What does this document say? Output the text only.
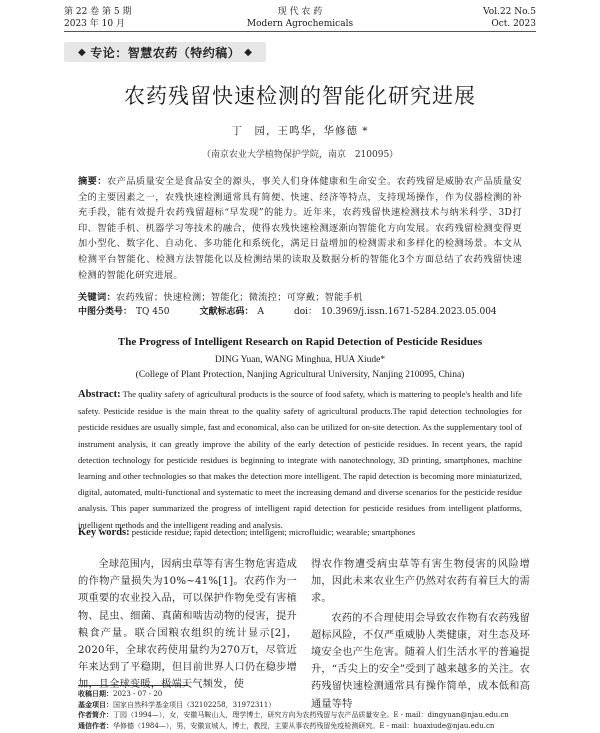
第 22 卷 第 5 期
2023 年 10 月
现 代 农 药
Modern Agrochemicals
Vol.22 No.5
Oct. 2023
◆ 专论：智慧农药（特约稿） ◆
农药残留快速检测的智能化研究进展
丁　园，王鸣华，华修德 *
（南京农业大学植物保护学院，南京　210095）
摘要：农产品质量安全是食品安全的源头，事关人们身体健康和生命安全。农药残留是威胁农产品质量安全的主要因素之一，农残快速检测通常具有简便、快速、经济等特点，支持现场操作，作为仪器检测的补充手段，能有效提升农药残留超标“早发现”的能力。近年来，农药残留快速检测技术与纳米科学、3D打印、智能手机、机器学习等技术的融合，使得农残快速检测逐渐向智能化方向发展。农药残留检测变得更加小型化、数字化、自动化、多功能化和系统化，满足日益增加的检测需求和多样化的检测场景。本文从检测平台智能化、检测方法智能化以及检测结果的读取及数据分析的智能化3个方面总结了农药残留快速检测的智能化研究进展。
关键词：农药残留；快速检测；智能化；微流控；可穿戴；智能手机
中图分类号： TQ 450	文献标志码： A	doi： 10.3969/j.issn.1671-5284.2023.05.004
The Progress of Intelligent Research on Rapid Detection of Pesticide Residues
DING Yuan, WANG Minghua, HUA Xiude*
(College of Plant Protection, Nanjing Agricultural University, Nanjing 210095, China)
Abstract: The quality safety of agricultural products is the source of food safety, which is mattering to people's health and life safety. Pesticide residue is the main threat to the quality safety of agricultural products.The rapid detection technologies for pesticide residues are usually simple, fast and economical, also can be utilized for on-site detection. As the supplementary tool of instrument analysis, it can greatly improve the ability of the early detection of pesticide residues. In recent years, the rapid detection technology for pesticide residues is beginning to integrate with nanotechnology, 3D printing, smartphones, machine learning and other technologies so that makes the detection more intelligent. The rapid detection is becoming more miniaturized, digital, automated, multi-functional and systematic to meet the increasing demand and diverse scenarios for the pesticide residue analysis. This paper summarized the progress of intelligent rapid detection for pesticide residues from intelligent platforms, intelligent methods and the intelligent reading and analysis.
Key words: pesticide residue; rapid detection; intelligent; microfluidic; wearable; smartphones

全球范围内，因病虫草等有害生物危害造成的作物产量损失为10%~41%[1]。农药作为一项重要的农业投入品，可以保护作物免受有害植物、昆虫、细菌、真菌和啮齿动物的侵害，提升粮食产量。联合国粮农组织的统计显示[2]，2020年，全球农药使用量约为270万t，尽管近年来达到了平稳期，但目前世界人口仍在稳步增加，且全球变暖，极端天气频发，使

得农作物遭受病虫草等有害生物侵害的风险增加，因此未来农业生产仍然对农药有着巨大的需求。

农药的不合理使用会导致农作物有农药残留超标风险，不仅严重威胁人类健康，对生态及环境安全也产生危害。随着人们生活水平的普遍提升，“舌尖上的安全”受到了越来越多的关注。农药残留快速检测通常具有操作简单，成本低和高通量等特

收稿日期：2023 - 07 - 20
基金项目：国家自然科学基金项目（32102258，31972311）
作者简介：丁园（1994—），女，安徽马鞍山人，理学博士，研究方向为农药残留与农产品质量安全。E - mail：dingyuan@njau.edu.cn
通信作者：华修德（1984—），男，安徽宣城人，博士，教授，主要从事农药残留免疫检测研究。E - mail：huaxiude@njau.edu.cn
